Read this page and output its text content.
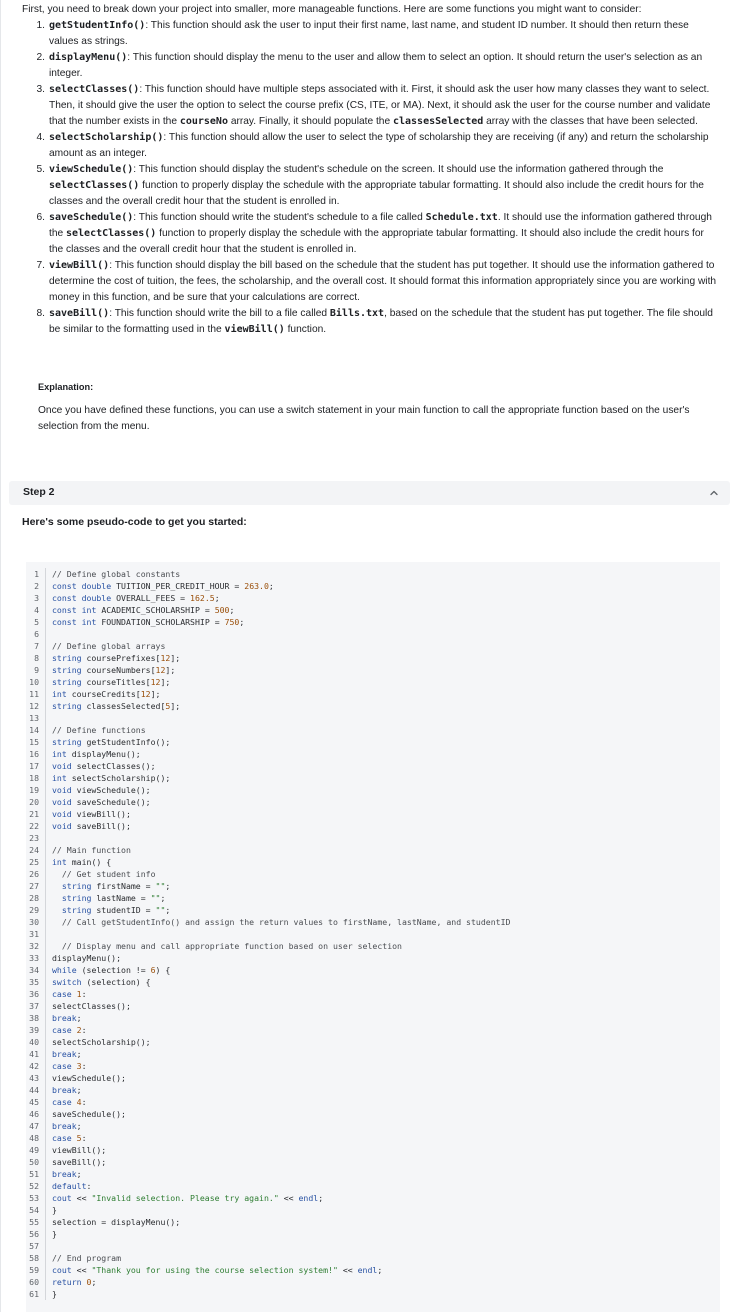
First, you need to break down your project into smaller, more manageable functions. Here are some functions you might want to consider:
1. getStudentInfo(): This function should ask the user to input their first name, last name, and student ID number. It should then return these values as strings.
2. displayMenu(): This function should display the menu to the user and allow them to select an option. It should return the user's selection as an integer.
3. selectClasses(): This function should have multiple steps associated with it. First, it should ask the user how many classes they want to select. Then, it should give the user the option to select the course prefix (CS, ITE, or MA). Next, it should ask the user for the course number and validate that the number exists in the courseNo array. Finally, it should populate the classesSelected array with the classes that have been selected.
4. selectScholarship(): This function should allow the user to select the type of scholarship they are receiving (if any) and return the scholarship amount as an integer.
5. viewSchedule(): This function should display the student's schedule on the screen. It should use the information gathered through the selectClasses() function to properly display the schedule with the appropriate tabular formatting. It should also include the credit hours for the classes and the overall credit hour that the student is enrolled in.
6. saveSchedule(): This function should write the student's schedule to a file called Schedule.txt. It should use the information gathered through the selectClasses() function to properly display the schedule with the appropriate tabular formatting. It should also include the credit hours for the classes and the overall credit hour that the student is enrolled in.
7. viewBill(): This function should display the bill based on the schedule that the student has put together. It should use the information gathered to determine the cost of tuition, the fees, the scholarship, and the overall cost. It should format this information appropriately since you are working with money in this function, and be sure that your calculations are correct.
8. saveBill(): This function should write the bill to a file called Bills.txt, based on the schedule that the student has put together. The file should be similar to the formatting used in the viewBill() function.
Explanation:
Once you have defined these functions, you can use a switch statement in your main function to call the appropriate function based on the user's selection from the menu.
Step 2
Here's some pseudo-code to get you started:
1	// Define global constants
2	const double TUITION_PER_CREDIT_HOUR = 263.0;
3	const double OVERALL_FEES = 162.5;
4	const int ACADEMIC_SCHOLARSHIP = 500;
5	const int FOUNDATION_SCHOLARSHIP = 750;
6
7	// Define global arrays
8	string coursePrefixes[12];
9	string courseNumbers[12];
10	string courseTitles[12];
11	int courseCredits[12];
12	string classesSelected[5];
13
14	// Define functions
15	string getStudentInfo();
16	int displayMenu();
17	void selectClasses();
18	int selectScholarship();
19	void viewSchedule();
20	void saveSchedule();
21	void viewBill();
22	void saveBill();
23
24	// Main function
25	int main() {
26	// Get student info
27	string firstName = "";
28	string lastName = "";
29	string studentID = "";
30	// Call getStudentInfo() and assign the return values to firstName, lastName, and studentID
31
32	// Display menu and call appropriate function based on user selection
33	displayMenu();
34	while (selection != 6) {
35	switch (selection) {
36	case 1:
37	selectClasses();
38	break;
39	case 2:
40	selectScholarship();
41	break;
42	case 3:
43	viewSchedule();
44	break;
45	case 4:
46	saveSchedule();
47	break;
48	case 5:
49	viewBill();
50	saveBill();
51	break;
52	default:
53	cout << "Invalid selection. Please try again." << endl;
54	}
55	selection = displayMenu();
56	}
57
58	// End program
59	cout << "Thank you for using the course selection system!" << endl;
60	return 0;
61	}
